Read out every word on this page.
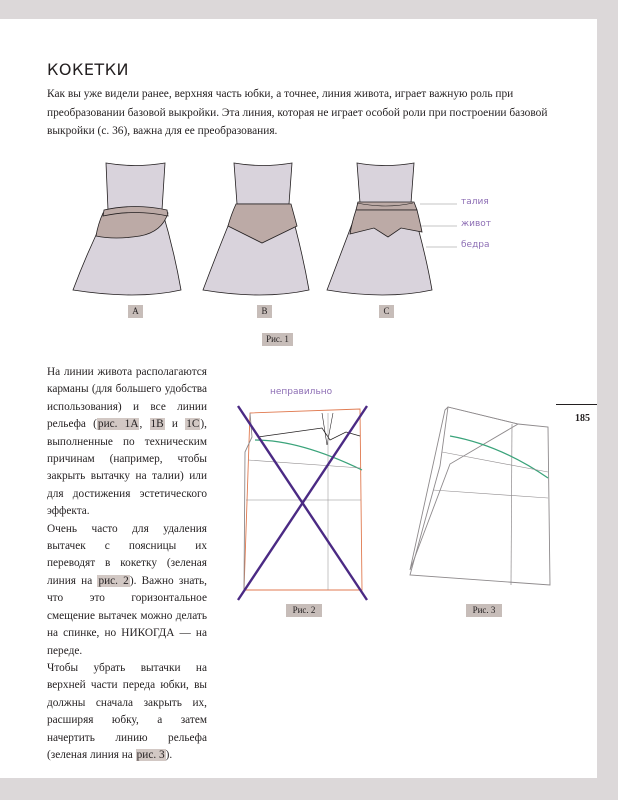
185
КОКЕТКИ

Как вы уже видели ранее, верхняя часть юбки, а точнее, линия живота, играет важную роль при преобразовании базовой выкройки. Эта линия, которая не играет особой роли при построении базовой выкройки (с. 36), важна для ее преобразования.

A	B	C
Рис. 1
талия
живот
бедра
неправильно
Рис. 2	Рис. 3

На линии живота располагаются карманы (для большего удобства использования) и все линии рельефа (рис. 1A, 1B и 1C), выполненные по техническим причинам (например, чтобы закрыть вытачку на талии) или для достижения эстетического эффекта.

Очень часто для удаления вытачек с поясницы их переводят в кокетку (зеленая линия на рис. 2). Важно знать, что это горизонтальное смещение вытачек можно делать на спинке, но НИКОГДА — на переде.

Чтобы убрать вытачки на верхней части переда юбки, вы должны сначала закрыть их, расширяя юбку, а затем начертить линию рельефа (зеленая линия на рис. 3).
